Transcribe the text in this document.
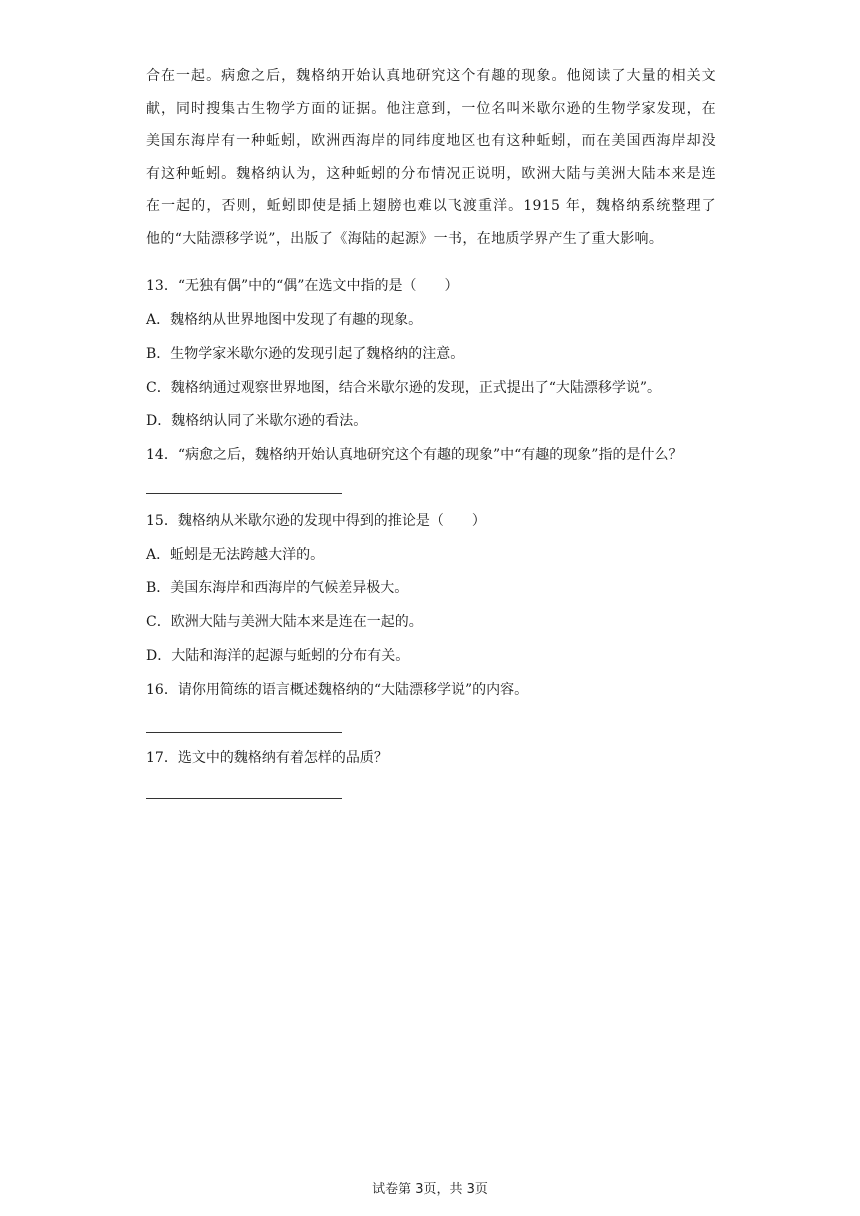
合在一起。病愈之后，魏格纳开始认真地研究这个有趣的现象。他阅读了大量的相关文
献，同时搜集古生物学方面的证据。他注意到，一位名叫米歇尔逊的生物学家发现，在
美国东海岸有一种蚯蚓，欧洲西海岸的同纬度地区也有这种蚯蚓，而在美国西海岸却没
有这种蚯蚓。魏格纳认为，这种蚯蚓的分布情况正说明，欧洲大陆与美洲大陆本来是连
在一起的，否则，蚯蚓即使是插上翅膀也难以飞渡重洋。1915 年，魏格纳系统整理了
他的“大陆漂移学说”，出版了《海陆的起源》一书，在地质学界产生了重大影响。
13．“无独有偶”中的“偶”在选文中指的是（　　）
A．魏格纳从世界地图中发现了有趣的现象。
B．生物学家米歇尔逊的发现引起了魏格纳的注意。
C．魏格纳通过观察世界地图，结合米歇尔逊的发现，正式提出了“大陆漂移学说”。
D．魏格纳认同了米歇尔逊的看法。
14．“病愈之后，魏格纳开始认真地研究这个有趣的现象”中“有趣的现象”指的是什么？
15．魏格纳从米歇尔逊的发现中得到的推论是（　　）
A．蚯蚓是无法跨越大洋的。
B．美国东海岸和西海岸的气候差异极大。
C．欧洲大陆与美洲大陆本来是连在一起的。
D．大陆和海洋的起源与蚯蚓的分布有关。
16．请你用简练的语言概述魏格纳的“大陆漂移学说”的内容。
17．选文中的魏格纳有着怎样的品质？
试卷第 3页，共 3页
